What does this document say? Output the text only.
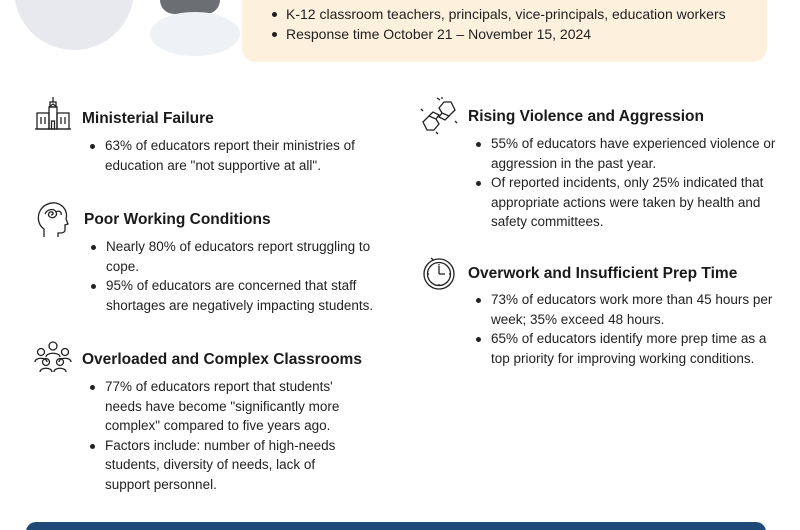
K-12 classroom teachers, principals, vice-principals, education workers
Response time October 21 – November 15, 2024
Ministerial Failure
63% of educators report their ministries of education are "not supportive at all".
Poor Working Conditions
Nearly 80% of educators report struggling to cope.
95% of educators are concerned that staff shortages are negatively impacting students.
Overloaded and Complex Classrooms
77% of educators report that students' needs have become "significantly more complex" compared to five years ago.
Factors include: number of high-needs students, diversity of needs, lack of support personnel.
Rising Violence and Aggression
55% of educators have experienced violence or aggression in the past year.
Of reported incidents, only 25% indicated that appropriate actions were taken by health and safety committees.
Overwork and Insufficient Prep Time
73% of educators work more than 45 hours per week; 35% exceed 48 hours.
65% of educators identify more prep time as a top priority for improving working conditions.
